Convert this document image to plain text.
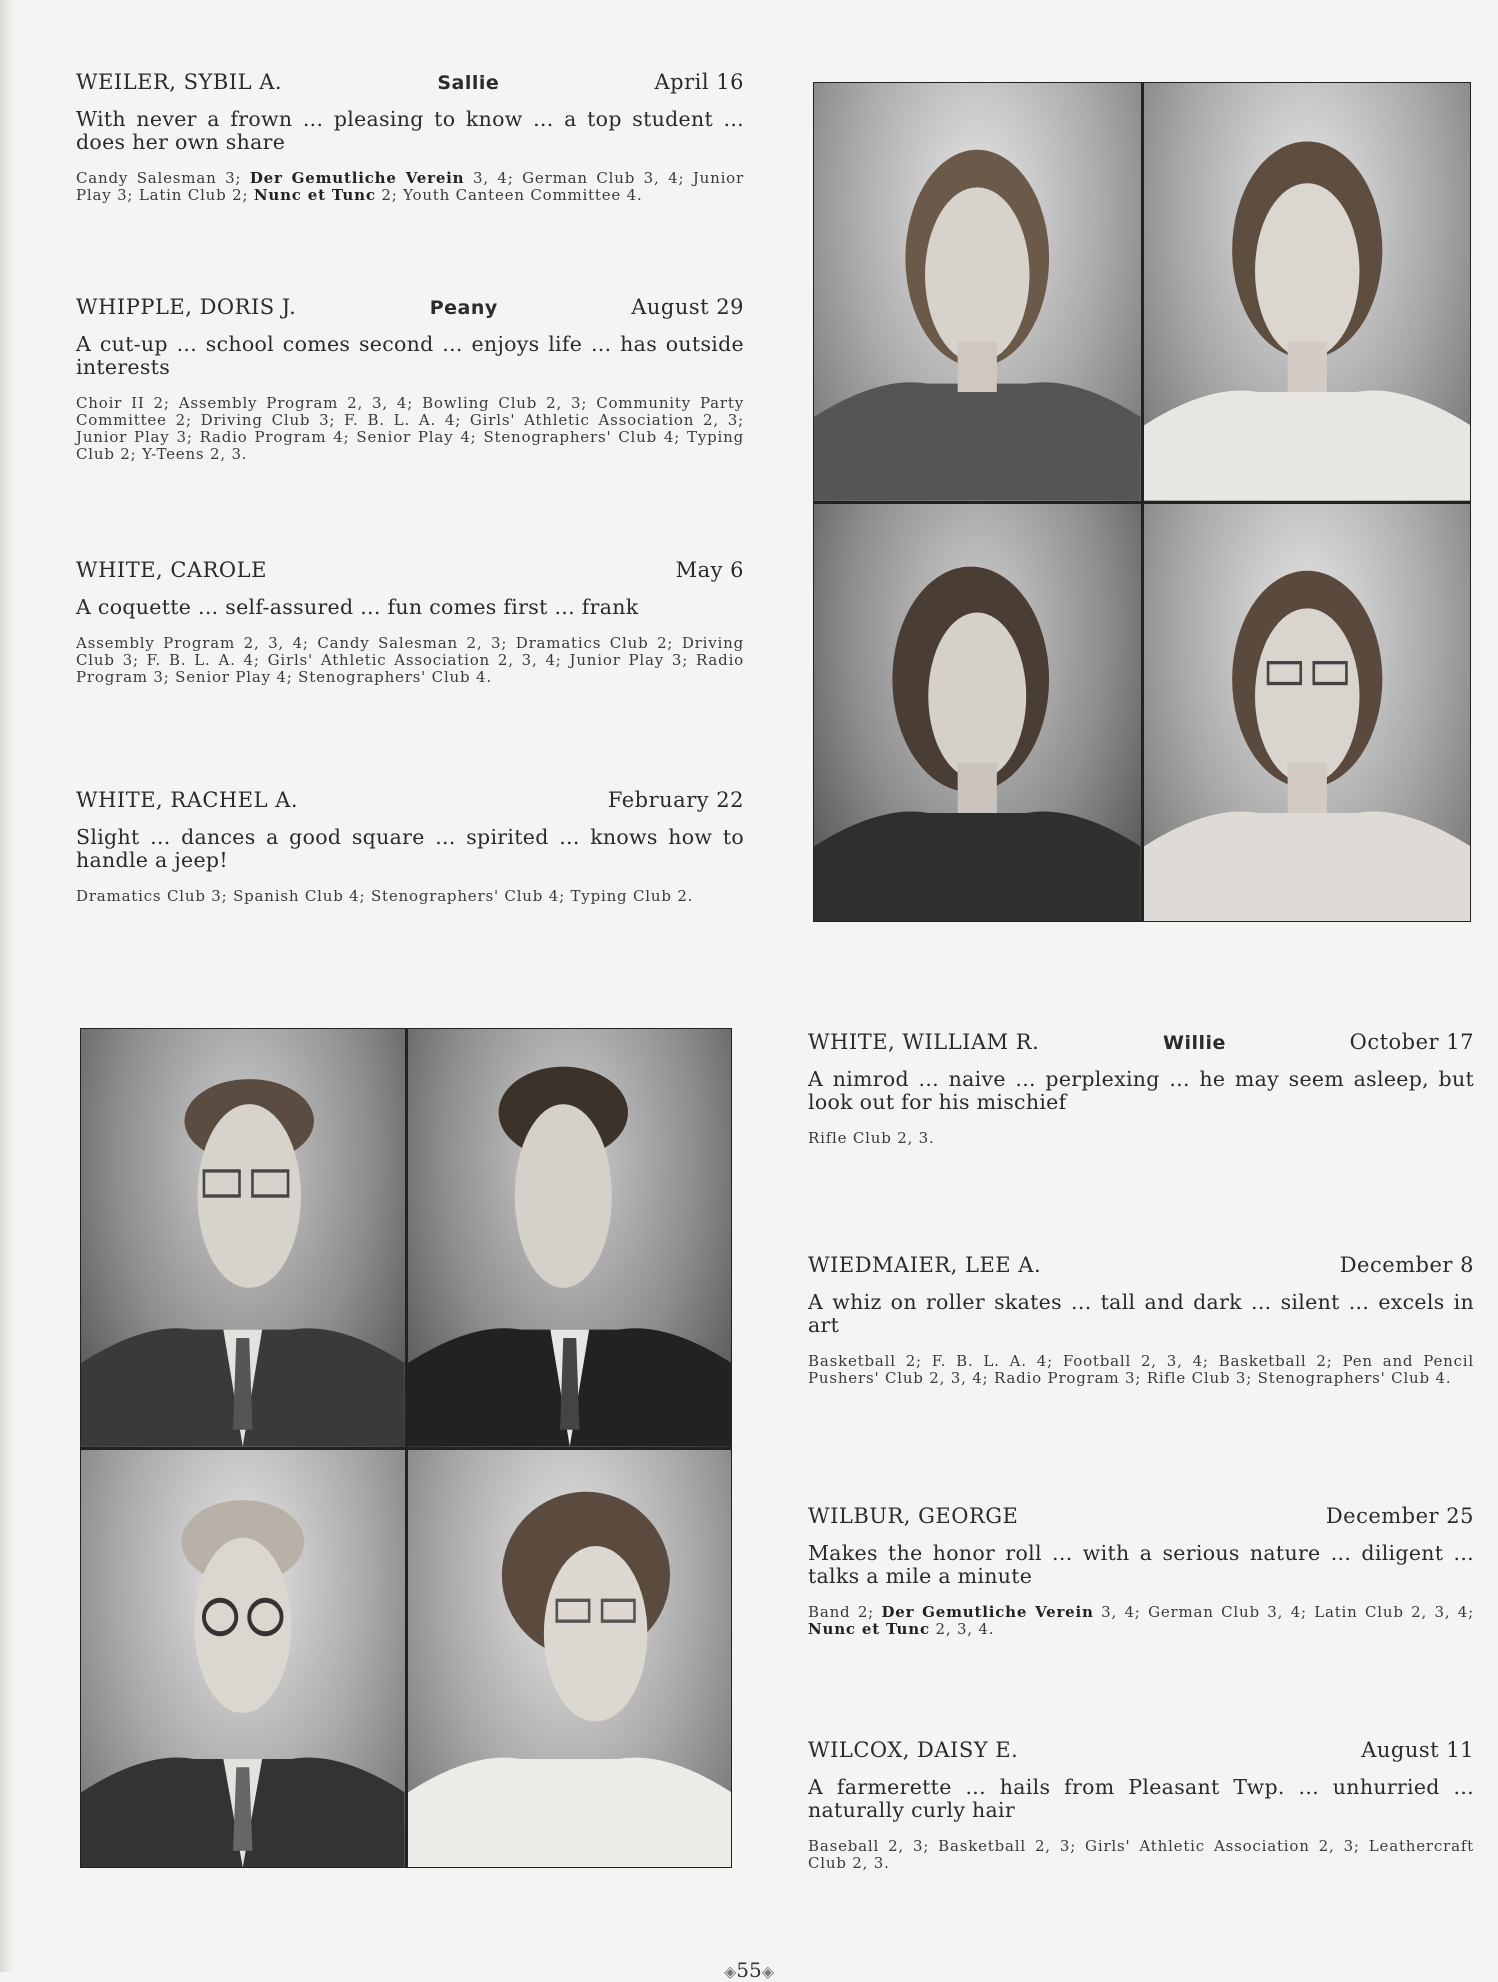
WEILER, SYBIL A.	Sallie	April 16
With never a frown ... pleasing to know ... a top student ... does her own share
Candy Salesman 3; Der Gemutliche Verein 3, 4; German Club 3, 4; Junior Play 3; Latin Club 2; Nunc et Tunc 2; Youth Canteen Committee 4.
WHIPPLE, DORIS J.	Peany	August 29
A cut-up ... school comes second ... enjoys life ... has outside interests
Choir II 2; Assembly Program 2, 3, 4; Bowling Club 2, 3; Community Party Committee 2; Driving Club 3; F. B. L. A. 4; Girls' Athletic Association 2, 3; Junior Play 3; Radio Program 4; Senior Play 4; Stenographers' Club 4; Typing Club 2; Y-Teens 2, 3.
WHITE, CAROLE	May 6
A coquette ... self-assured ... fun comes first ... frank
Assembly Program 2, 3, 4; Candy Salesman 2, 3; Dramatics Club 2; Driving Club 3; F. B. L. A. 4; Girls' Athletic Association 2, 3, 4; Junior Play 3; Radio Program 3; Senior Play 4; Stenographers' Club 4.
WHITE, RACHEL A.	February 22
Slight ... dances a good square ... spirited ... knows how to handle a jeep!
Dramatics Club 3; Spanish Club 4; Stenographers' Club 4; Typing Club 2.
WHITE, WILLIAM R.	Willie	October 17
A nimrod ... naive ... perplexing ... he may seem asleep, but look out for his mischief
Rifle Club 2, 3.
WIEDMAIER, LEE A.	December 8
A whiz on roller skates ... tall and dark ... silent ... excels in art
Basketball 2; F. B. L. A. 4; Football 2, 3, 4; Basketball 2; Pen and Pencil Pushers' Club 2, 3, 4; Radio Program 3; Rifle Club 3; Stenographers' Club 4.
WILBUR, GEORGE	December 25
Makes the honor roll ... with a serious nature ... diligent ... talks a mile a minute
Band 2; Der Gemutliche Verein 3, 4; German Club 3, 4; Latin Club 2, 3, 4; Nunc et Tunc 2, 3, 4.
WILCOX, DAISY E.	August 11
A farmerette ... hails from Pleasant Twp. ... unhurried ... naturally curly hair
Baseball 2, 3; Basketball 2, 3; Girls' Athletic Association 2, 3; Leathercraft Club 2, 3.
◈55◈
